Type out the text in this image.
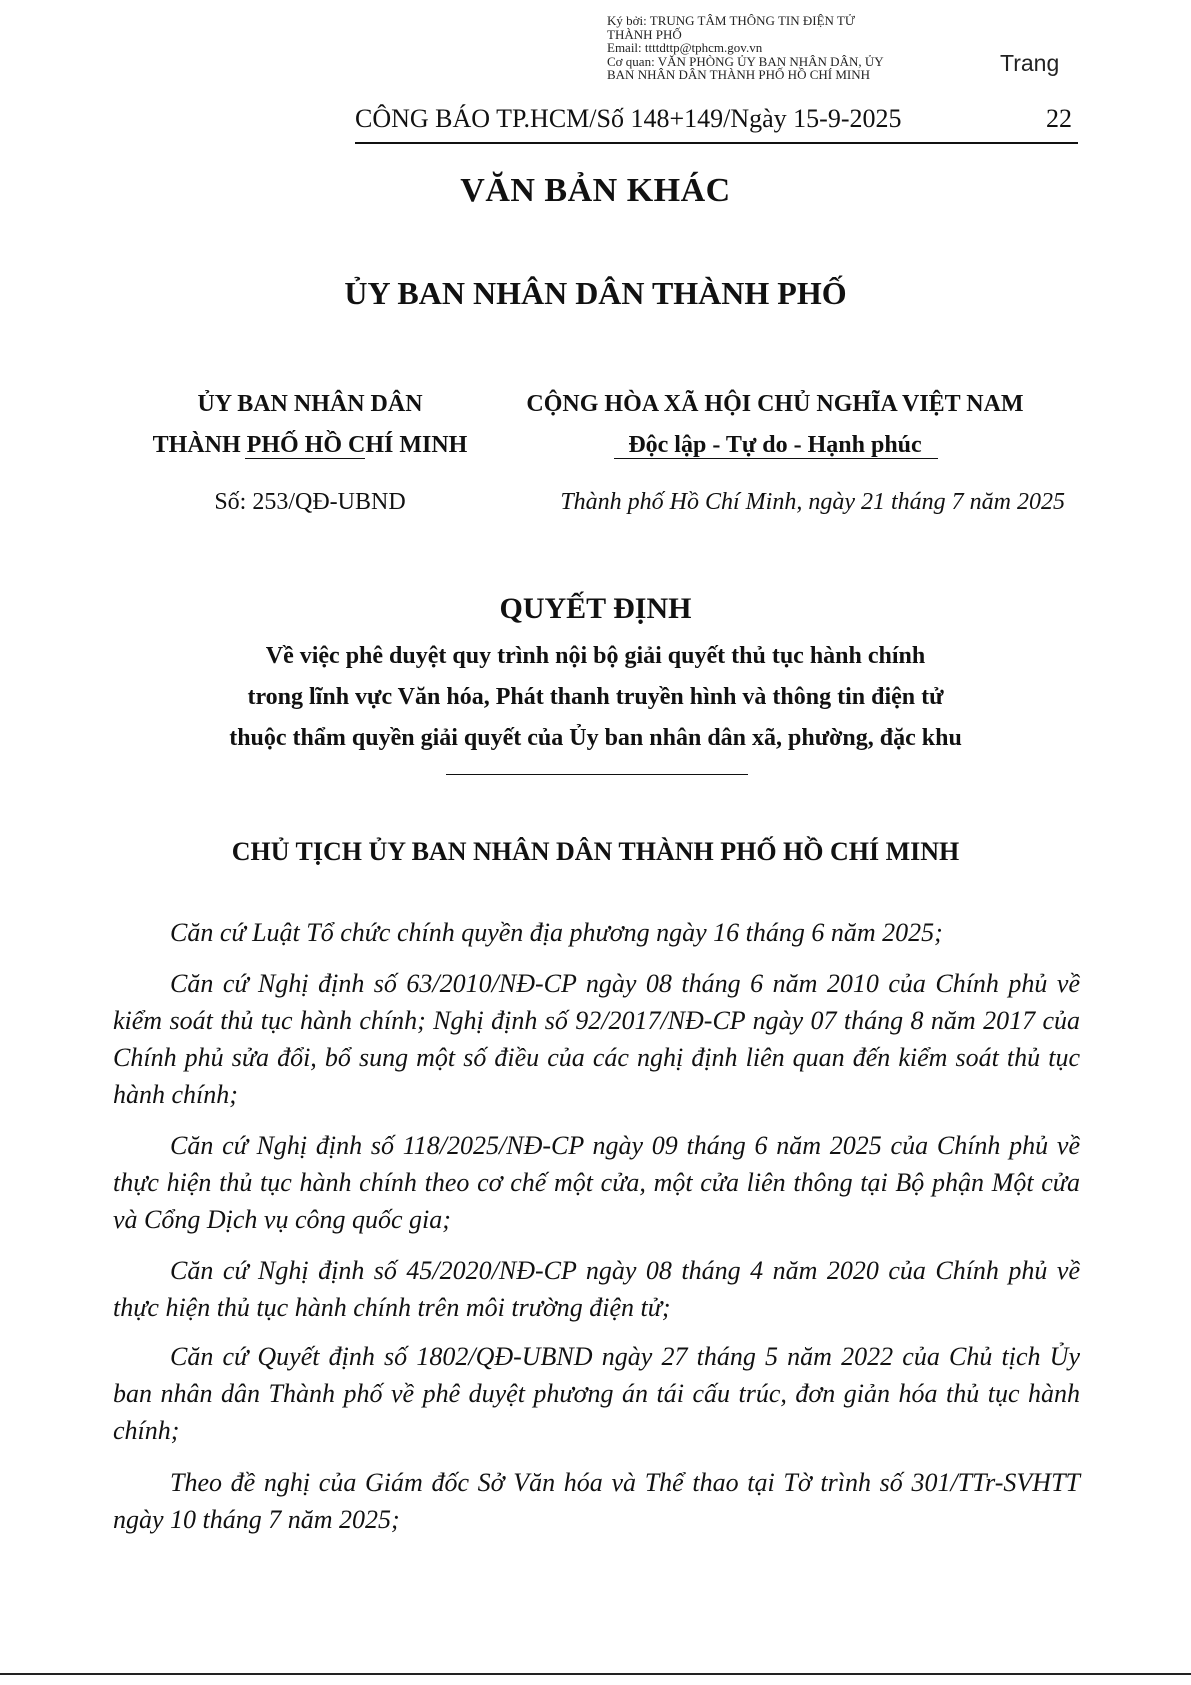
Ký bởi: TRUNG TÂM THÔNG TIN ĐIỆN TỬ
THÀNH PHỐ
Email: ttttdttp@tphcm.gov.vn
Cơ quan: VĂN PHÒNG ỦY BAN NHÂN DÂN, ỦY
BAN NHÂN DÂN THÀNH PHỐ HỒ CHÍ MINH	Trang
CÔNG BÁO TP.HCM/Số 148+149/Ngày 15-9-2025	22
VĂN BẢN KHÁC
ỦY BAN NHÂN DÂN THÀNH PHỐ
ỦY BAN NHÂN DÂN
THÀNH PHỐ HỒ CHÍ MINH
CỘNG HÒA XÃ HỘI CHỦ NGHĨA VIỆT NAM
Độc lập - Tự do - Hạnh phúc
Số: 253/QĐ-UBND	Thành phố Hồ Chí Minh, ngày 21 tháng 7 năm 2025
QUYẾT ĐỊNH
Về việc phê duyệt quy trình nội bộ giải quyết thủ tục hành chính
trong lĩnh vực Văn hóa, Phát thanh truyền hình và thông tin điện tử
thuộc thẩm quyền giải quyết của Ủy ban nhân dân xã, phường, đặc khu
CHỦ TỊCH ỦY BAN NHÂN DÂN THÀNH PHỐ HỒ CHÍ MINH

Căn cứ Luật Tổ chức chính quyền địa phương ngày 16 tháng 6 năm 2025;

Căn cứ Nghị định số 63/2010/NĐ-CP ngày 08 tháng 6 năm 2010 của Chính phủ về kiểm soát thủ tục hành chính; Nghị định số 92/2017/NĐ-CP ngày 07 tháng 8 năm 2017 của Chính phủ sửa đổi, bổ sung một số điều của các nghị định liên quan đến kiểm soát thủ tục hành chính;

Căn cứ Nghị định số 118/2025/NĐ-CP ngày 09 tháng 6 năm 2025 của Chính phủ về thực hiện thủ tục hành chính theo cơ chế một cửa, một cửa liên thông tại Bộ phận Một cửa và Cổng Dịch vụ công quốc gia;

Căn cứ Nghị định số 45/2020/NĐ-CP ngày 08 tháng 4 năm 2020 của Chính phủ về thực hiện thủ tục hành chính trên môi trường điện tử;

Căn cứ Quyết định số 1802/QĐ-UBND ngày 27 tháng 5 năm 2022 của Chủ tịch Ủy ban nhân dân Thành phố về phê duyệt phương án tái cấu trúc, đơn giản hóa thủ tục hành chính;

Theo đề nghị của Giám đốc Sở Văn hóa và Thể thao tại Tờ trình số 301/TTr-SVHTT ngày 10 tháng 7 năm 2025;
